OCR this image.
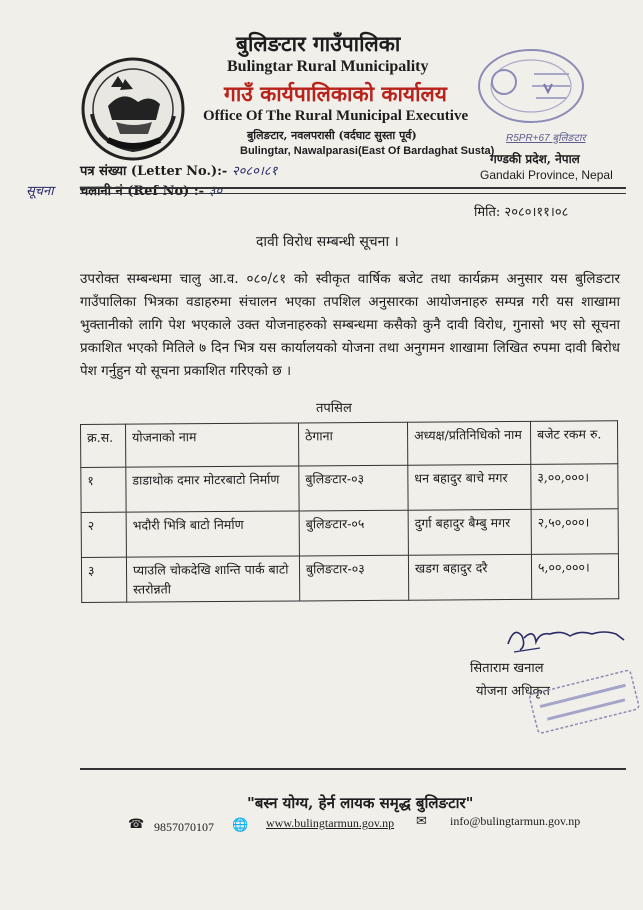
बुलिङटार गाउँपालिका
Bulingtar Rural Municipality
गाउँ कार्यपालिकाको कार्यालय
Office Of The Rural Municipal Executive
बुलिङटार, नवलपरासी (वर्दघाट सुस्ता पूर्व)
Bulingtar, Nawalparasi(East Of Bardaghat Susta)
R5PR+67 बुलिङटार
गण्डकी प्रदेश, नेपाल
Gandaki Province, Nepal
पत्र संख्या (Letter No.):- २०८०।८१
सूचना चलानी नं (Ref No) :- ३०
मिति: २०८०।११।०८
दावी विरोध सम्बन्धी सूचना ।
उपरोक्त सम्बन्धमा चालु आ.व. ०८०/८१ को स्वीकृत वार्षिक बजेट तथा कार्यक्रम अनुसार यस बुलिङटार गाउँपालिका भित्रका वडाहरुमा संचालन भएका तपशिल अनुसारका आयोजनाहरु सम्पन्न गरी यस शाखामा भुक्तानीको लागि पेश भएकाले उक्त योजनाहरुको सम्बन्धमा कसैको कुनै दावी विरोध, गुनासो भए सो सूचना प्रकाशित भएको मितिले ७ दिन भित्र यस कार्यालयको योजना तथा अनुगमन शाखामा लिखित रुपमा दावी बिरोध पेश गर्नुहुन यो सूचना प्रकाशित गरिएको छ ।
तपसिल
क्र.स.	योजनाको नाम	ठेगाना	अध्यक्ष/प्रतिनिधिको नाम	बजेट रकम रु.
१	डाडाथोक दमार मोटरबाटो निर्माण	बुलिङटार-०३	धन बहादुर बाचे मगर	३,००,०००।
२	भदौरी भित्रि बाटो निर्माण	बुलिङटार-०५	दुर्गा बहादुर बैम्बु मगर	२,५०,०००।
३	प्याउलि चोकदेखि शान्ति पार्क बाटो स्तरोन्नती	बुलिङटार-०३	खडग बहादुर दरै	५,००,०००।
सिताराम खनाल
योजना अधिकृत
"बस्न योग्य, हेर्न लायक समृद्ध बुलिङटार"
☎ 9857070107 🌐 www.bulingtarmun.gov.np ✉ info@bulingtarmun.gov.np
